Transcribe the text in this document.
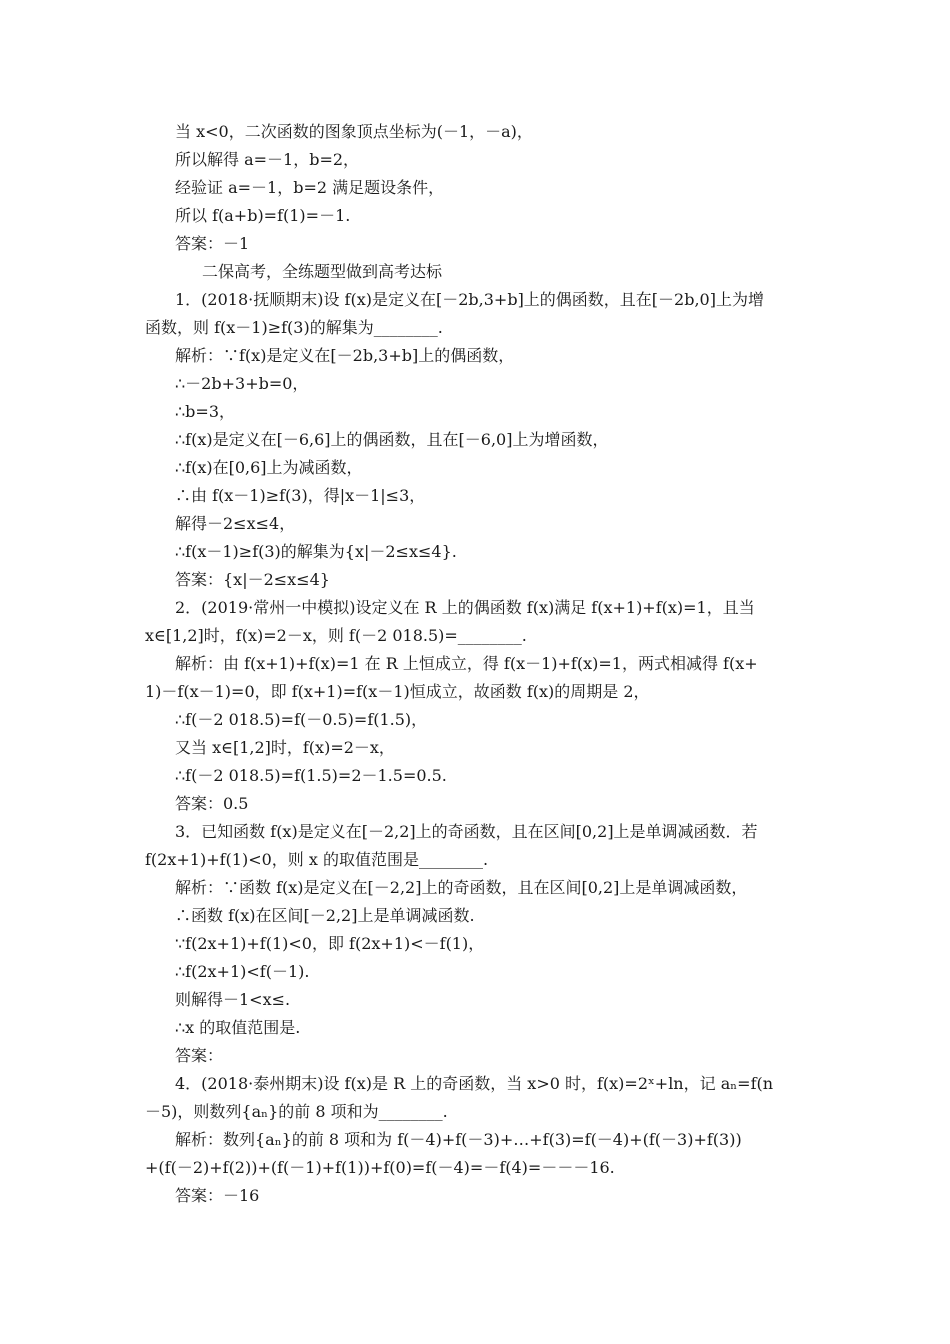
当 x<0，二次函数的图象顶点坐标为(－1，－a)，
所以解得 a=－1，b=2，
经验证 a=－1，b=2 满足题设条件，
所以 f(a+b)=f(1)=－1.
答案：－1
二保高考，全练题型做到高考达标
1．(2018·抚顺期末)设 f(x)是定义在[－2b,3+b]上的偶函数，且在[－2b,0]上为增
函数，则 f(x－1)≥f(3)的解集为________.
解析：∵f(x)是定义在[－2b,3+b]上的偶函数，
∴－2b+3+b=0，
∴b=3，
∴f(x)是定义在[－6,6]上的偶函数，且在[－6,0]上为增函数，
∴f(x)在[0,6]上为减函数，
∴由 f(x－1)≥f(3)，得|x－1|≤3，
解得－2≤x≤4，
∴f(x－1)≥f(3)的解集为{x|－2≤x≤4}.
答案：{x|－2≤x≤4}
2．(2019·常州一中模拟)设定义在 R 上的偶函数 f(x)满足 f(x+1)+f(x)=1，且当
x∈[1,2]时，f(x)=2－x，则 f(－2 018.5)=________.
解析：由 f(x+1)+f(x)=1 在 R 上恒成立，得 f(x－1)+f(x)=1，两式相减得 f(x+
1)－f(x－1)=0，即 f(x+1)=f(x－1)恒成立，故函数 f(x)的周期是 2，
∴f(－2 018.5)=f(－0.5)=f(1.5)，
又当 x∈[1,2]时，f(x)=2－x，
∴f(－2 018.5)=f(1.5)=2－1.5=0.5.
答案：0.5
3．已知函数 f(x)是定义在[－2,2]上的奇函数，且在区间[0,2]上是单调减函数．若
f(2x+1)+f(1)<0，则 x 的取值范围是________.
解析：∵函数 f(x)是定义在[－2,2]上的奇函数，且在区间[0,2]上是单调减函数，
∴函数 f(x)在区间[－2,2]上是单调减函数.
∵f(2x+1)+f(1)<0，即 f(2x+1)<－f(1)，
∴f(2x+1)<f(－1).
则解得－1<x≤.
∴x 的取值范围是.
答案：
4．(2018·泰州期末)设 f(x)是 R 上的奇函数，当 x>0 时，f(x)=2ˣ+ln，记 aₙ=f(n
－5)，则数列{aₙ}的前 8 项和为________.
解析：数列{aₙ}的前 8 项和为 f(－4)+f(－3)+…+f(3)=f(－4)+(f(－3)+f(3))
+(f(－2)+f(2))+(f(－1)+f(1))+f(0)=f(－4)=－f(4)=－－－16.
答案：－16
